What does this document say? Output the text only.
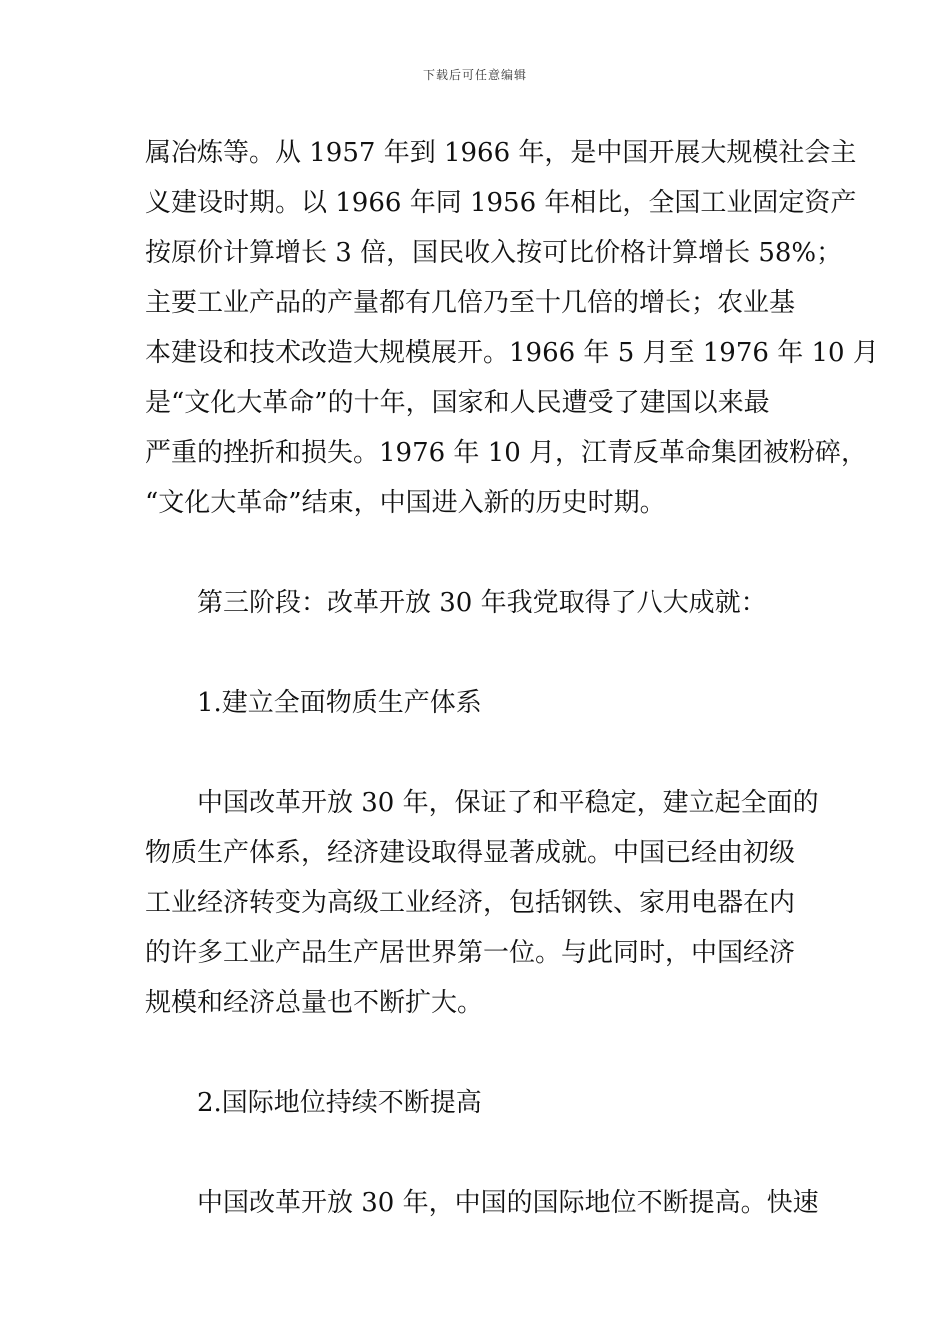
下载后可任意编辑

属冶炼等。从 1957 年到 1966 年，是中国开展大规模社会主
义建设时期。以 1966 年同 1956 年相比，全国工业固定资产
按原价计算增长 3 倍，国民收入按可比价格计算增长 58%；
主要工业产品的产量都有几倍乃至十几倍的增长；农业基
本建设和技术改造大规模展开。1966 年 5 月至 1976 年 10 月
是“文化大革命”的十年，国家和人民遭受了建国以来最
严重的挫折和损失。1976 年 10 月，江青反革命集团被粉碎，
“文化大革命”结束，中国进入新的历史时期。

第三阶段：改革开放 30 年我党取得了八大成就：

1.建立全面物质生产体系

中国改革开放 30 年，保证了和平稳定，建立起全面的
物质生产体系，经济建设取得显著成就。中国已经由初级
工业经济转变为高级工业经济，包括钢铁、家用电器在内
的许多工业产品生产居世界第一位。与此同时，中国经济
规模和经济总量也不断扩大。

2.国际地位持续不断提高

中国改革开放 30 年，中国的国际地位不断提高。快速
